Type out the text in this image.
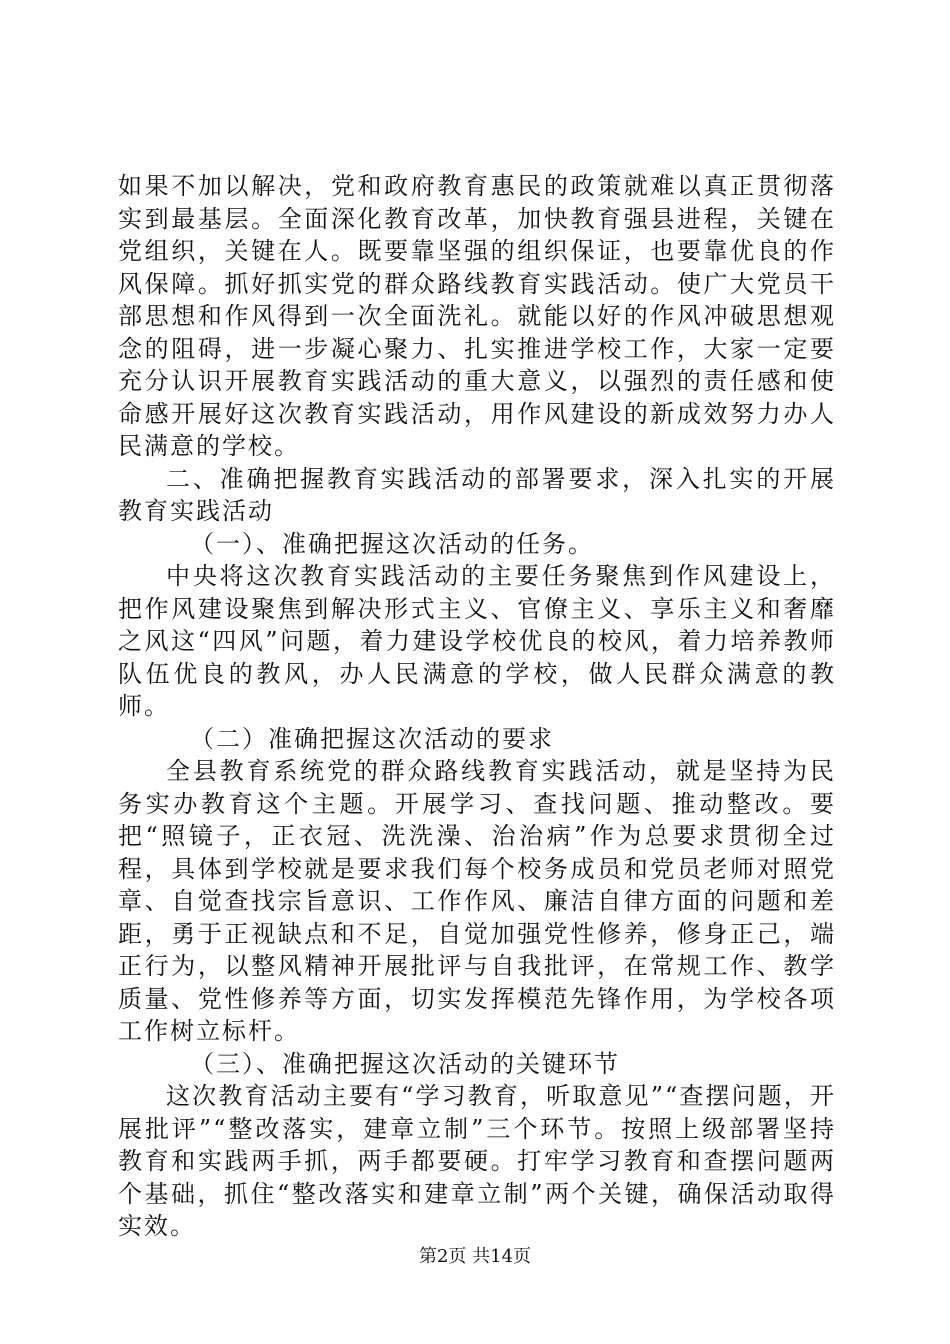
如果不加以解决，党和政府教育惠民的政策就难以真正贯彻落实到最基层。全面深化教育改革，加快教育强县进程，关键在党组织，关键在人。既要靠坚强的组织保证，也要靠优良的作风保障。抓好抓实党的群众路线教育实践活动。使广大党员干部思想和作风得到一次全面洗礼。就能以好的作风冲破思想观念的阻碍，进一步凝心聚力、扎实推进学校工作，大家一定要充分认识开展教育实践活动的重大意义，以强烈的责任感和使命感开展好这次教育实践活动，用作风建设的新成效努力办人民满意的学校。

二、准确把握教育实践活动的部署要求，深入扎实的开展教育实践活动

（一）、准确把握这次活动的任务。

中央将这次教育实践活动的主要任务聚焦到作风建设上，把作风建设聚焦到解决形式主义、官僚主义、享乐主义和奢靡之风这“四风”问题，着力建设学校优良的校风，着力培养教师队伍优良的教风，办人民满意的学校，做人民群众满意的教师。

（二）准确把握这次活动的要求

全县教育系统党的群众路线教育实践活动，就是坚持为民务实办教育这个主题。开展学习、查找问题、推动整改。要把“照镜子，正衣冠、洗洗澡、治治病”作为总要求贯彻全过程，具体到学校就是要求我们每个校务成员和党员老师对照党章、自觉查找宗旨意识、工作作风、廉洁自律方面的问题和差距，勇于正视缺点和不足，自觉加强党性修养，修身正己，端正行为，以整风精神开展批评与自我批评，在常规工作、教学质量、党性修养等方面，切实发挥模范先锋作用，为学校各项工作树立标杆。

（三）、准确把握这次活动的关键环节

这次教育活动主要有“学习教育，听取意见”“查摆问题，开展批评”“整改落实，建章立制”三个环节。按照上级部署坚持教育和实践两手抓，两手都要硬。打牢学习教育和查摆问题两个基础，抓住“整改落实和建章立制”两个关键，确保活动取得实效。

第2页 共14页
